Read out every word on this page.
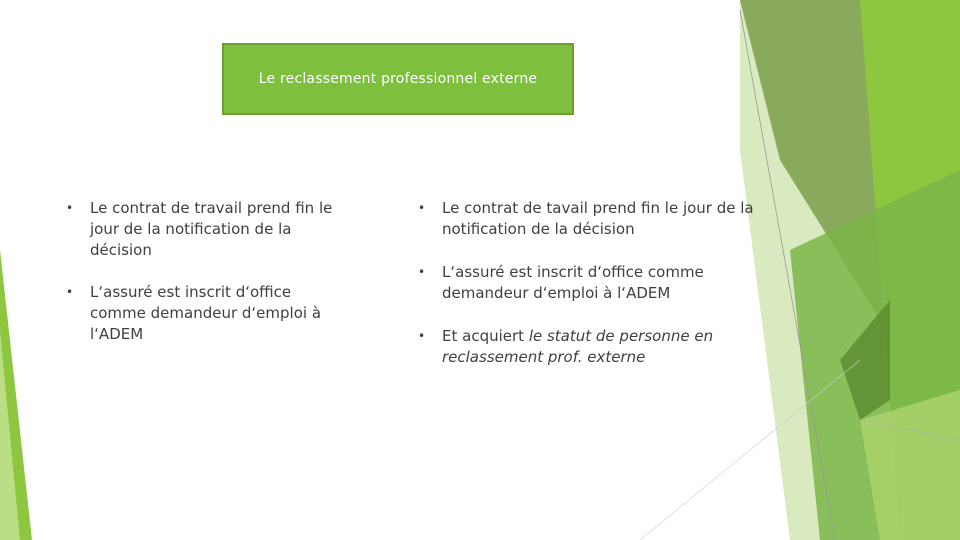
Le reclassement professionnel externe
• Le contrat de travail prend fin le jour de la notification de la décision
• L‘assuré est inscrit d‘office comme demandeur d‘emploi à l‘ADEM
• Le contrat de tavail prend fin le jour de la notification de la décision
• L‘assuré est inscrit d‘office comme demandeur d‘emploi à l‘ADEM
• Et acquiert le statut de personne en reclassement prof. externe
